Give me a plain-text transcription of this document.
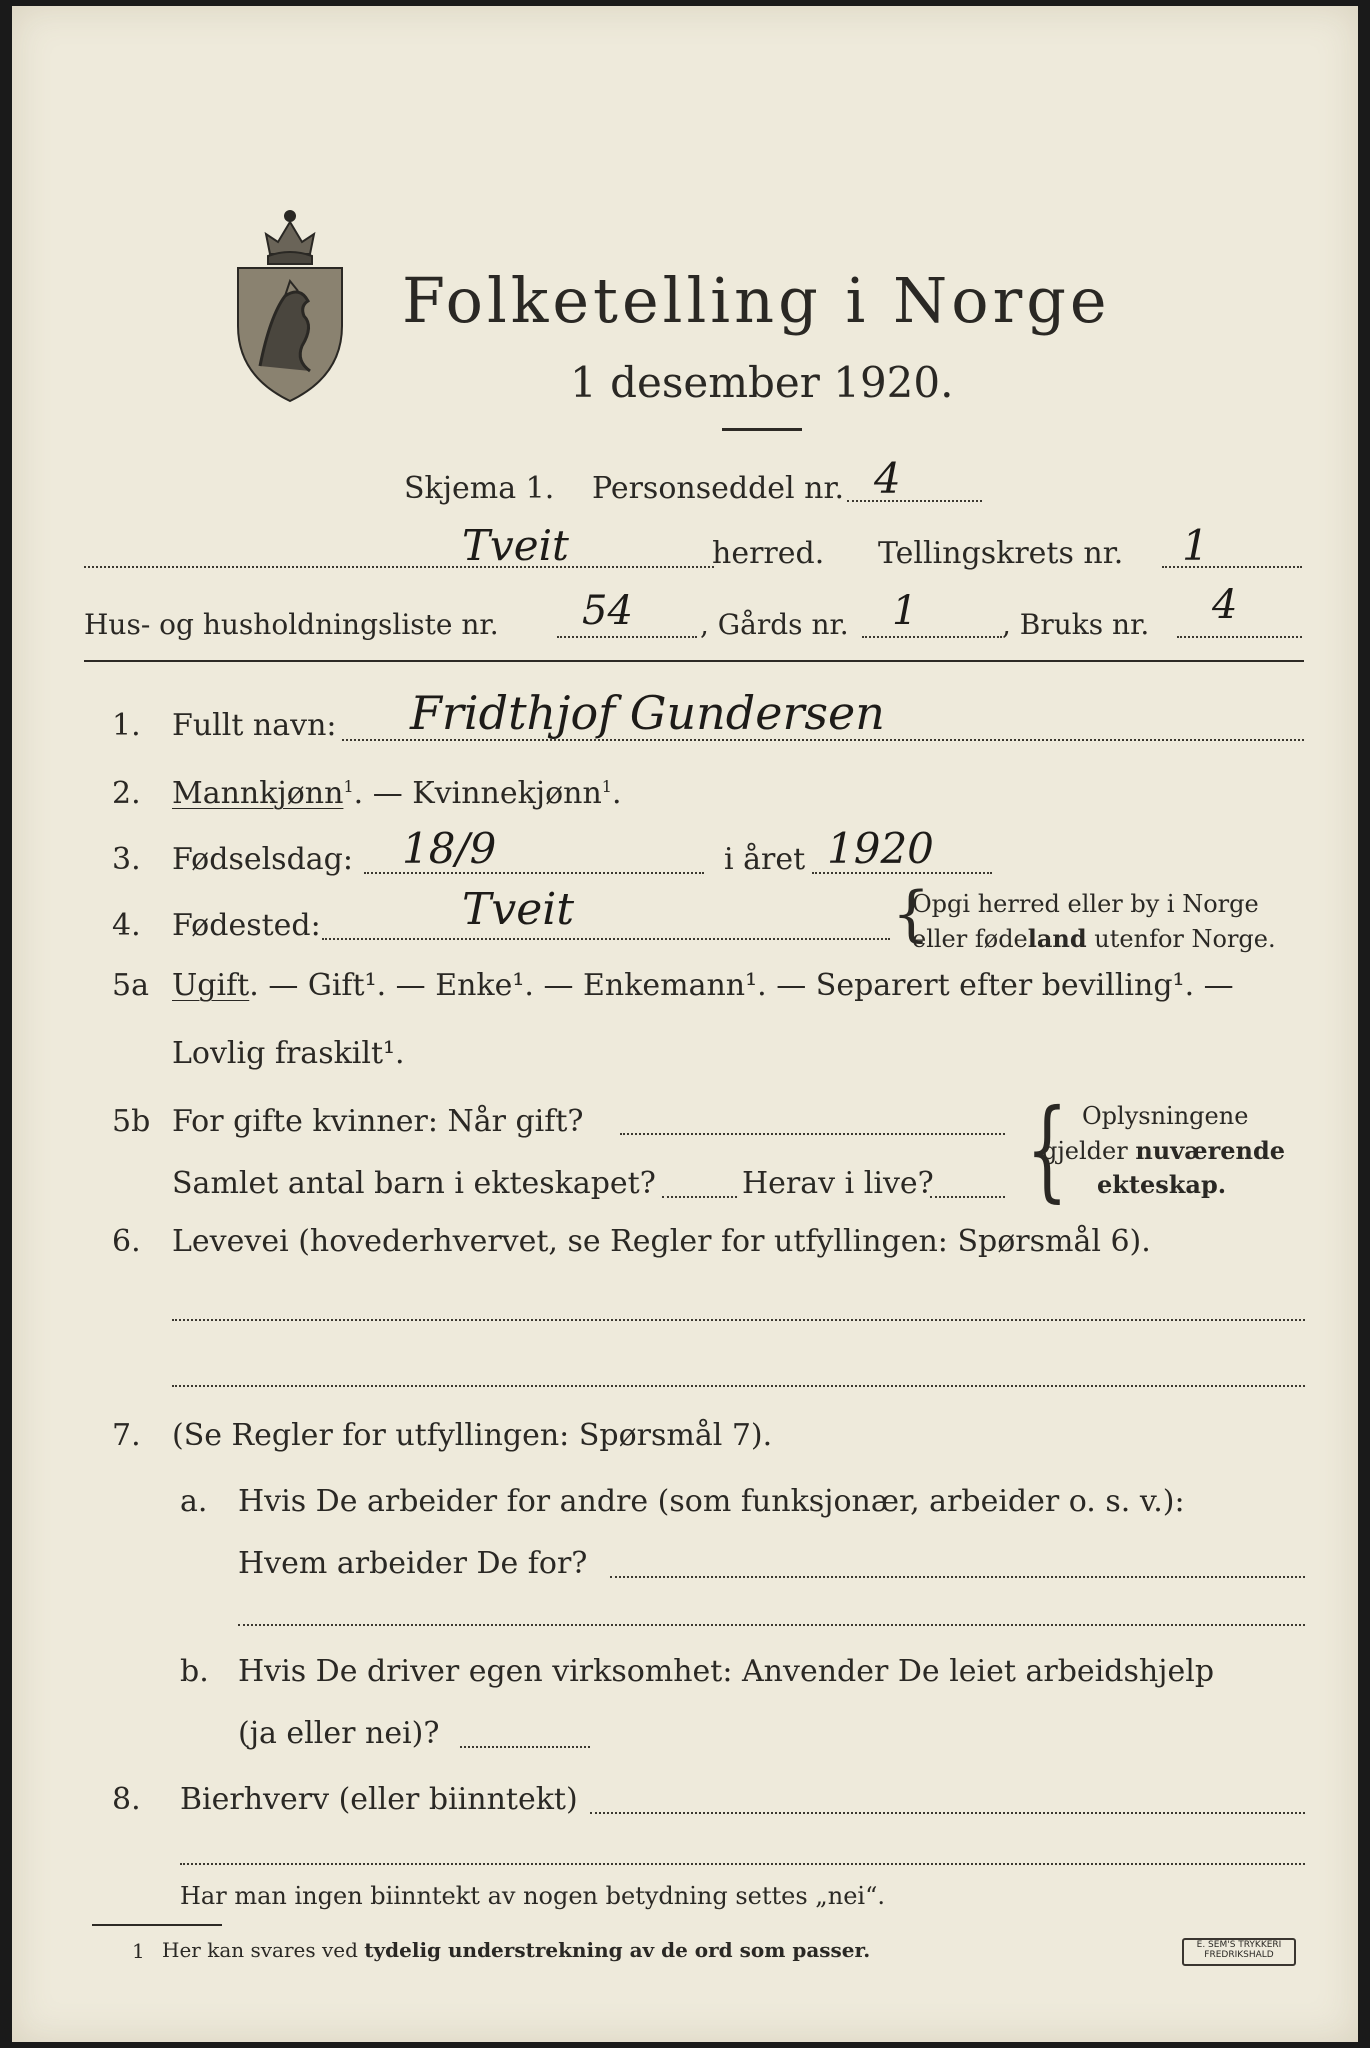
Folketelling i Norge
1 desember 1920.
Skjema 1. Personseddel nr. 4
Tveit	herred. Tellingskrets nr. 1
Hus- og husholdningsliste nr. 54 , Gårds nr. 1	, Bruks nr. 4
1. Fullt navn: Fridthjof Gundersen
2. Mannkjønn$^1$. — Kvinnekjønn$^1$.
3. Fødselsdag: 18/9	i året 1920
4. Fødested:	Tveit	{
Opgi herred eller by i Norge
eller fødeland utenfor Norge.
5a Ugift. — Gift¹. — Enke¹. — Enkemann¹. — Separert efter bevilling¹. —
Lovlig fraskilt¹.
5b For gifte kvinner: Når gift?
Samlet antal barn i ekteskapet?	Herav i live? { Oplysningene
gjelder nuværende
ekteskap.
6. Levevei (hovederhvervet, se Regler for utfyllingen: Spørsmål 6).
7. (Se Regler for utfyllingen: Spørsmål 7).
a. Hvis De arbeider for andre (som funksjonær, arbeider o. s. v.):
Hvem arbeider De for?
b. Hvis De driver egen virksomhet: Anvender De leiet arbeidshjelp
(ja eller nei)?
8. Bierhverv (eller biinntekt)
Har man ingen biinntekt av nogen betydning settes „nei“.
1 Her kan svares ved tydelig understrekning av de ord som passer.	E. SEM'S TRYKKERI
FREDRIKSHALD
